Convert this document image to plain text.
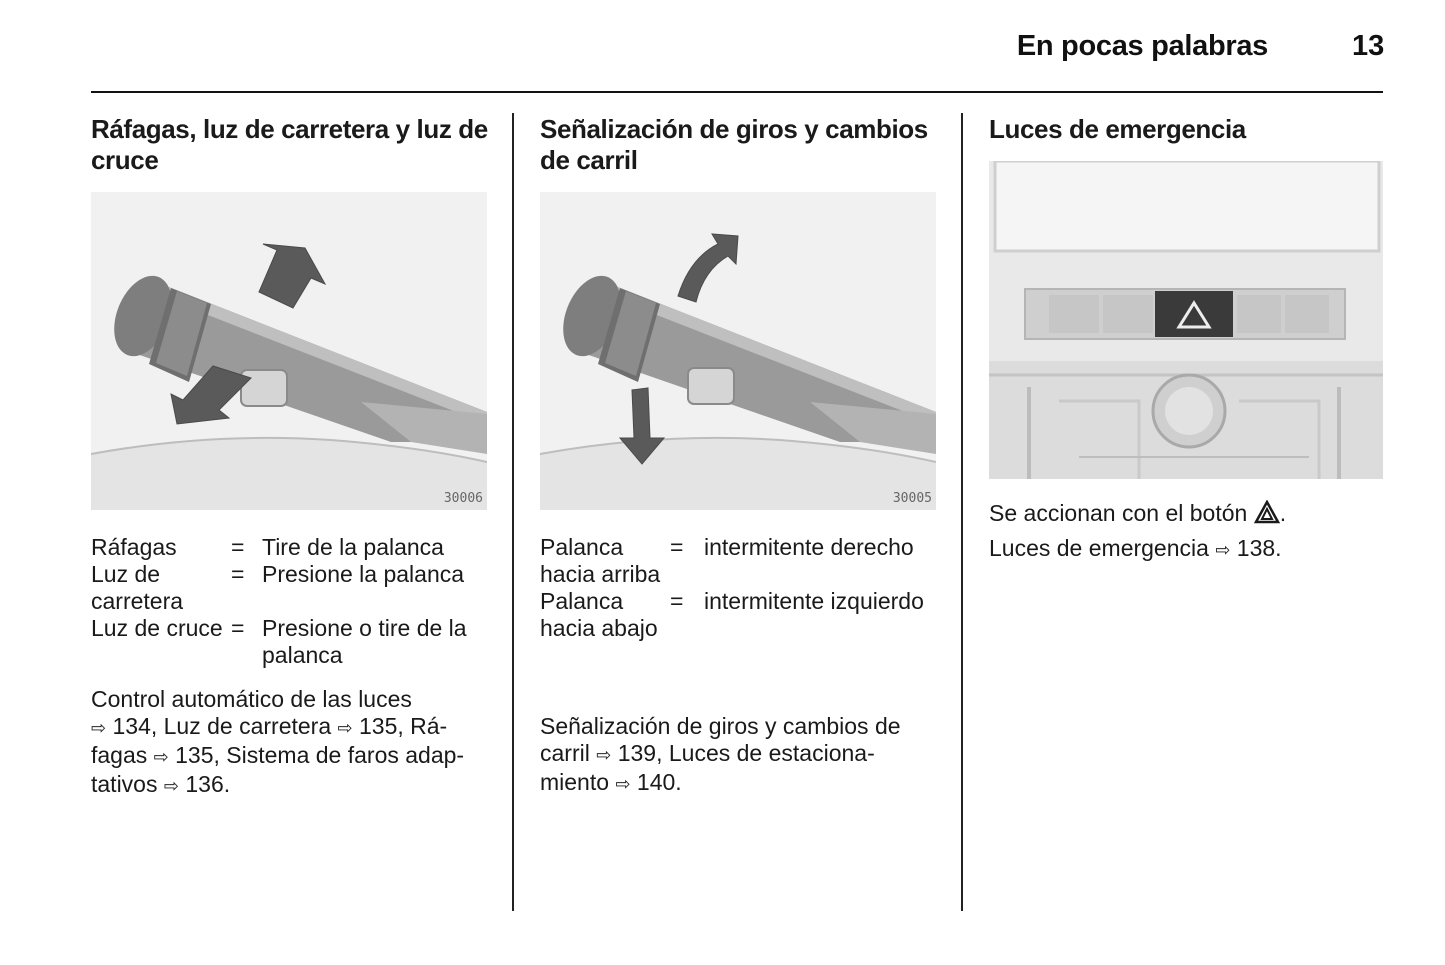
En pocas palabras	13
Ráfagas, luz de carretera y luz de cruce
30006
Ráfagas	= Tire de la palanca
Luz de carretera
= Presione la palanca
Luz de cruce = Presione o tire de la palanca
Control automático de las luces
⇨ 134, Luz de carretera ⇨ 135, Rá-
fagas ⇨ 135, Sistema de faros adap-
tativos ⇨ 136.
Señalización de giros y cambios de carril
30005
Palanca hacia arriba
= intermitente derecho
Palanca hacia abajo
= intermitente izquierdo
Señalización de giros y cambios de
carril ⇨ 139, Luces de estaciona-
miento ⇨ 140.
Luces de emergencia
Se accionan con el botón .
Luces de emergencia ⇨ 138.
